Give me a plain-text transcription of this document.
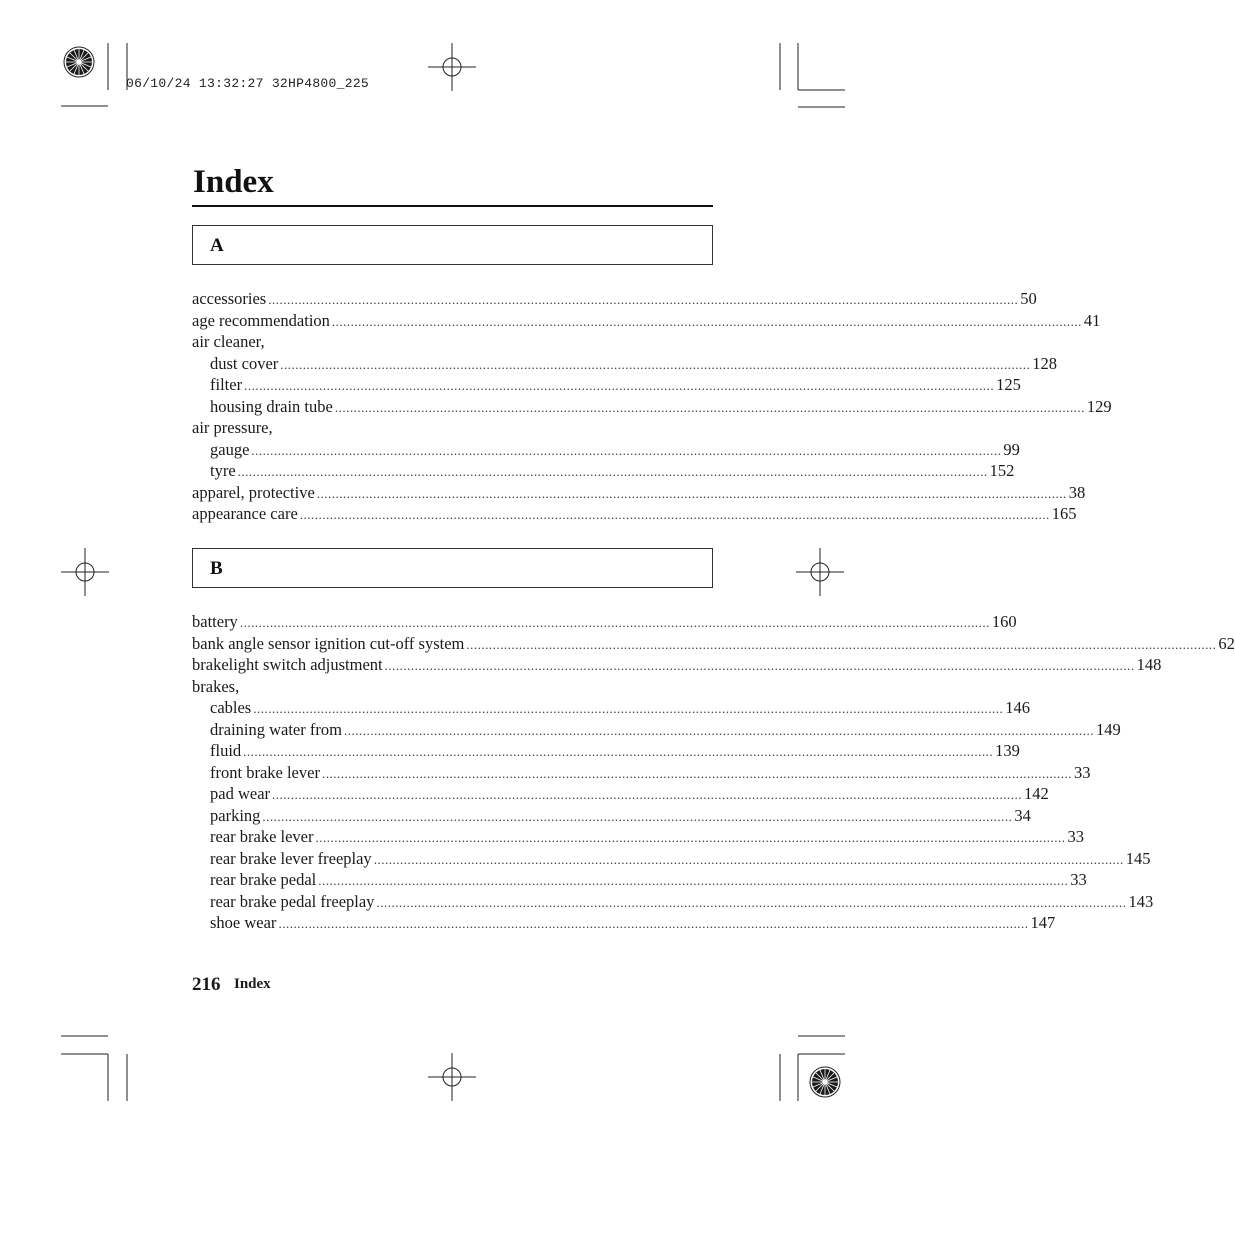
06/10/24 13:32:27 32HP4800_225
Index
A
accessories ........................................................................................................................................................................................................ 50
age recommendation ........................................................................................................................................................................................................ 41
air cleaner,
dust cover ........................................................................................................................................................................................................ 128
filter ........................................................................................................................................................................................................ 125
housing drain tube ........................................................................................................................................................................................................ 129
air pressure,
gauge ........................................................................................................................................................................................................ 99
tyre ........................................................................................................................................................................................................ 152
apparel, protective ........................................................................................................................................................................................................ 38
appearance care ........................................................................................................................................................................................................ 165
B
battery ........................................................................................................................................................................................................ 160
bank angle sensor ignition cut-off system ........................................................................................................................................................................................................ 62
brakelight switch adjustment ........................................................................................................................................................................................................ 148
brakes,
cables ........................................................................................................................................................................................................ 146
draining water from ........................................................................................................................................................................................................ 149
fluid ........................................................................................................................................................................................................ 139
front brake lever ........................................................................................................................................................................................................ 33
pad wear ........................................................................................................................................................................................................ 142
parking ........................................................................................................................................................................................................ 34
rear brake lever ........................................................................................................................................................................................................ 33
rear brake lever freeplay ........................................................................................................................................................................................................ 145
rear brake pedal ........................................................................................................................................................................................................ 33
rear brake pedal freeplay ........................................................................................................................................................................................................ 143
shoe wear ........................................................................................................................................................................................................ 147
216 Index
